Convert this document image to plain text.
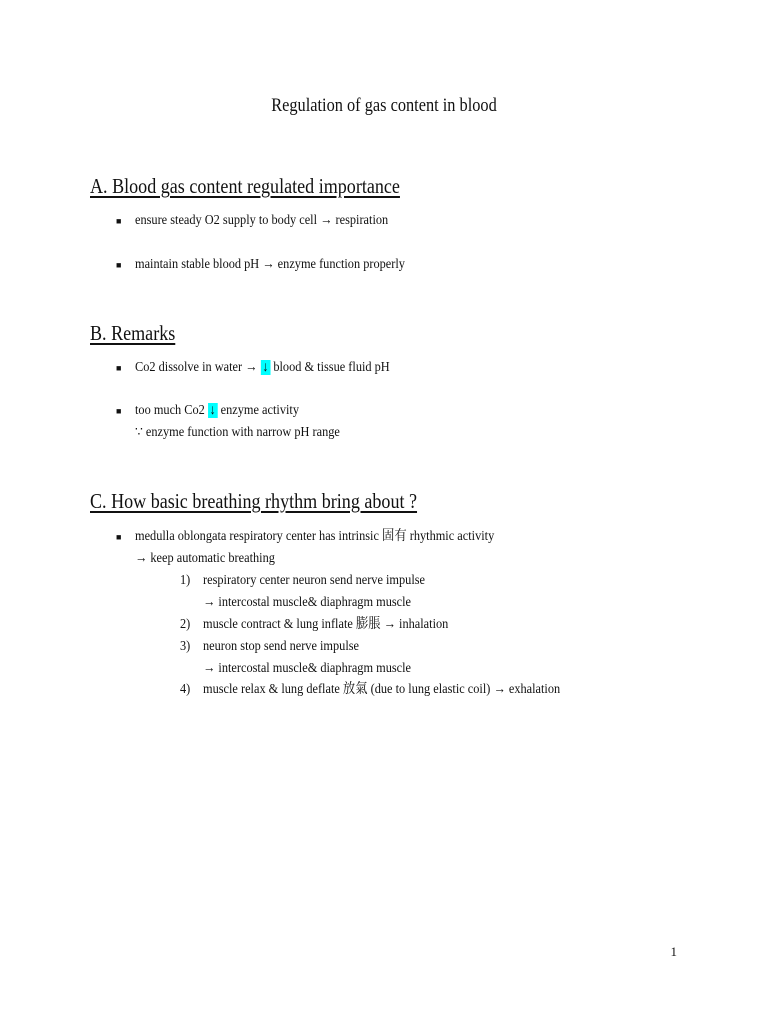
Regulation of gas content in blood
A. Blood gas content regulated importance
■ ensure steady O2 supply to body cell → respiration
■ maintain stable blood pH → enzyme function properly
B. Remarks
■ Co2 dissolve in water → ↓ blood & tissue fluid pH
■ too much Co2 ↓ enzyme activity
∵ enzyme function with narrow pH range
C. How basic breathing rhythm bring about ?
■ medulla oblongata respiratory center has intrinsic 固有 rhythmic activity
→ keep automatic breathing
1) respiratory center neuron send nerve impulse
→ intercostal muscle& diaphragm muscle
2) muscle contract & lung inflate 膨脹 → inhalation
3) neuron stop send nerve impulse
→ intercostal muscle& diaphragm muscle
4) muscle relax & lung deflate 放氣 (due to lung elastic coil) → exhalation
1
